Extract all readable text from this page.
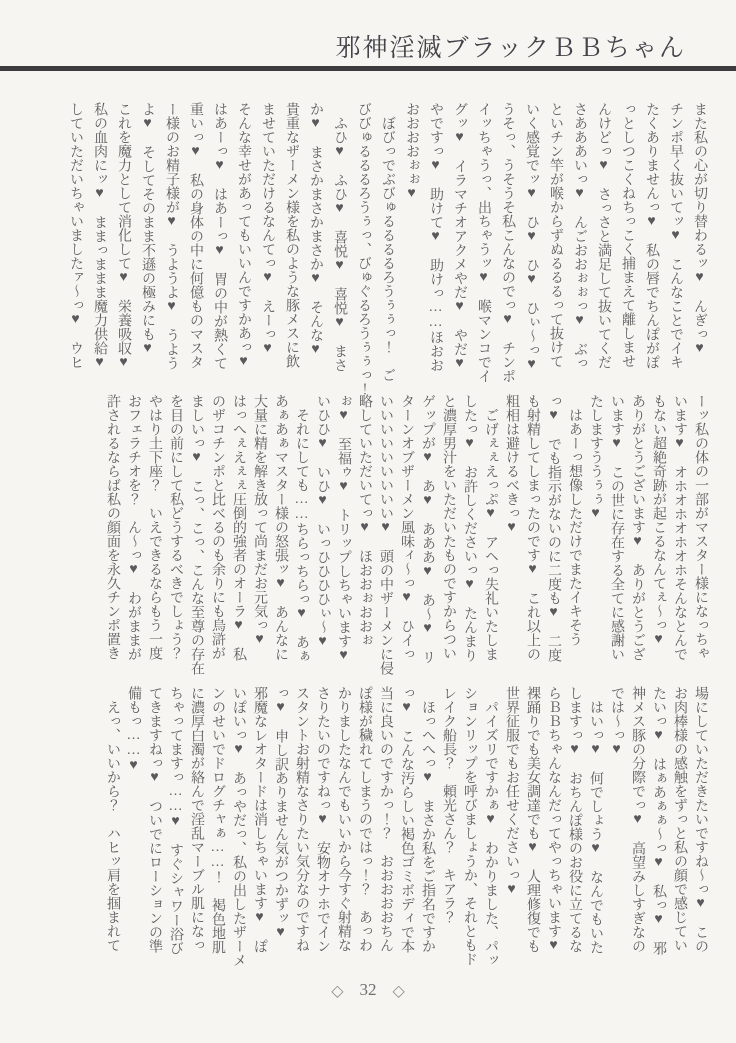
邪神淫滅ブラックＢＢちゃん
また私の心が切り替わるッ♥　んぎっ♥
チンポ早く抜いてッ♥　こんなことでイキ
たくありませんっ♥　私の唇でちんぽがぽ
っとしつこくねちっこく捕まえて離しませ
んけどっ♥　さっさと満足して抜いてくだ
さあああいっ♥　んごおおぉぉっ♥　ぶっ
といチン竿が喉からずぬるるるって抜けて
いく感覚でッ♥　ひ♥　ひ♥　ひぃ〜っ♥
うそっ、うそうそ私こんなのでっ♥　チンポ
イッちゃうっ、出ちゃうッ♥　喉マンコでイ
グッ♥　イラマチオアクメやだ♥　やだ♥
やですっ♥　助けて♥　助けっ……ほおお
おおおおぉぉ♥
　ぼびっでぶびゅるるるるろうぅぅっ！　ご
びびゅるるるろうぅっ、びゅぐるろうぅぅっ！
　ふひ♥　ふひ♥　喜悦♥　喜悦♥　まさ
か♥　まさかまさかまさか♥　そんな♥
貴重なザーメン様を私のような豚メスに飲
ませていただけるなんてっ♥　えーっ♥
そんな幸せがあってもいいんですかあっ♥
はあーっ♥　はあーっ♥　胃の中が熱くて
重いっ♥　私の身体の中に何億ものマスタ
ー様のお精子様が♥　うようよ♥　うよう
よ♥　そしてそのまま不遜の極みにも♥
これを魔力として消化して♥　栄養吸収♥
私の血肉にッ♥　ままっままま魔力供給♥
していただいちゃいましたァ〜っ♥　ウヒ
ーッ私の体の一部がマスター様になっちゃ
います♥　オホオホオホオホそんなとんで
もない超絶奇跡が起こるなんてぇ〜っ♥
ありがとうございます♥　ありがとうござ
います♥　この世に存在する全てに感謝い
たしますううぅぅ♥
　はあーっ想像しただけでまたイキそう
っ♥　でも指示がないのに二度も♥　二度
も射精してしまったのです♥　これ以上の
粗相は避けるべきっ♥
　ごげぇぇえっぷ♥　アヘっ失礼いたしま
したっ♥　お許しくださいっ♥　たんまり
と濃厚男汁をいただいたものですからつい
ゲップが♥　あ♥　あああ♥　あ〜♥　リ
ターンオブザーメン風味ィ〜っ♥　ひイっ
いいいいいいいいい♥　頭の中ザーメンに侵
略していただいてっ♥　ほおおぉおおぉ
ぉ♥　至福ゥ♥　トリップしちゃいます♥
いひひ♥　いひ♥　いっひひひひぃ〜♥
　それにしても……ちらっちらっ♥　あぁ
あぁあぁマスター様の怒張ッ♥　あんなに
大量に精を解き放って尚まだお元気っ♥
はっへぇえぇぇ圧倒的強者のオーラ♥　私
のザコチンポと比べるのも余りにも烏滸が
ましいっ♥　こっ、こっ、こんな至尊の存在
を目の前にして私どうするべきでしょう？
やはり土下座？　いえできるならもう一度
おフェラチオを？　ん〜っ♥　わがままが
許されるならば私の顔面を永久チンポ置き
場にしていただきたいですね〜っ♥　この
お肉棒様の感触をずっと私の顔で感じてい
たいっ♥　はぁあぁぁ〜っ♥　私っ♥　邪
神メス豚の分際でっ♥　高望みしすぎなの
では〜っ♥
　はいっ♥　何でしょう♥　なんでもいた
しますっ♥　おちんぽ様のお役に立てるな
らＢＢちゃんなんだってやっちゃいます♥
裸踊りでも美女調達でも♥　人理修復でも
世界征服でもお任せくださいっ♥
　パイズリですかぁ♥　わかりました、パッ
ションリップを呼びましょうか、それともド
レイク船長？　頼光さん？　キアラ？
　ほっへへっ♥　まさか私をご指名ですか
っ♥　こんな汚らしい褐色ゴミボディで本
当に良いのですかっ！？　おおおおおちん
ぽ様が穢れてしまうのではっ！？　あっわ
かりましたなんでもいいから今すぐ射精な
さりたいのですねっ♥　安物オナホでイン
スタントお射精なさりたい気分なのですね
っ♥　申し訳ありません気がつかずッ♥
邪魔なレオタードは消しちゃいます♥　ぽ
いぽいっ♥　あっやだっ、私の出したザーメ
ンのせいでドログチャぁ……！　褐色地肌
に濃厚白濁が絡んで淫乱マーブル肌になっ
ちゃってますっ……♥　すぐシャワー浴び
てきますねっ♥　ついでにローションの準
備もっ……♥
　えっ、いいから？　ハヒッ肩を掴まれて
◇ 32 ◇
